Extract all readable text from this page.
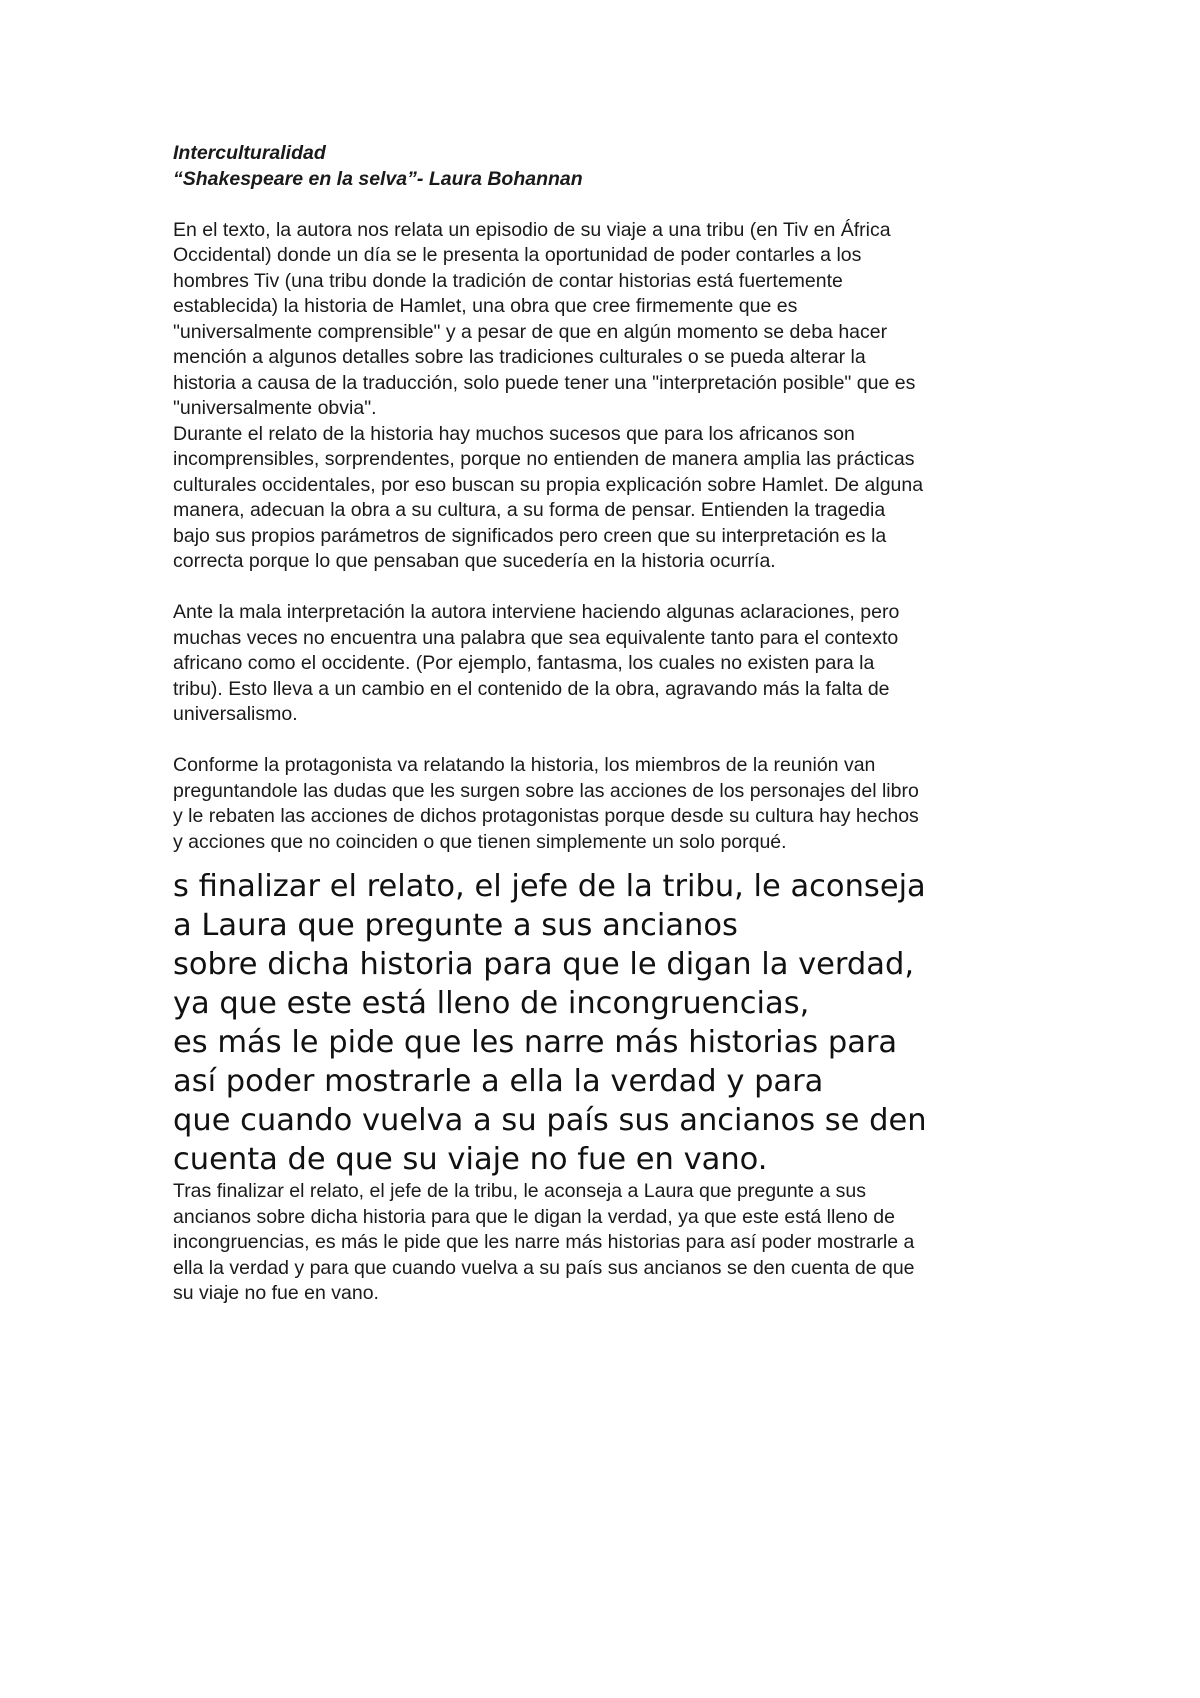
Interculturalidad

“Shakespeare en la selva”- Laura Bohannan

En el texto, la autora nos relata un episodio de su viaje a una tribu (en Tiv en África
Occidental) donde un día se le presenta la oportunidad de poder contarles a los
hombres Tiv (una tribu donde la tradición de contar historias está fuertemente
establecida) la historia de Hamlet, una obra que cree firmemente que es
"universalmente comprensible" y a pesar de que en algún momento se deba hacer
mención a algunos detalles sobre las tradiciones culturales o se pueda alterar la
historia a causa de la traducción, solo puede tener una "interpretación posible" que es
"universalmente obvia".
Durante el relato de la historia hay muchos sucesos que para los africanos son
incomprensibles, sorprendentes, porque no entienden de manera amplia las prácticas
culturales occidentales, por eso buscan su propia explicación sobre Hamlet. De alguna
manera, adecuan la obra a su cultura, a su forma de pensar. Entienden la tragedia
bajo sus propios parámetros de significados pero creen que su interpretación es la
correcta porque lo que pensaban que sucedería en la historia ocurría.

Ante la mala interpretación la autora interviene haciendo algunas aclaraciones, pero
muchas veces no encuentra una palabra que sea equivalente tanto para el contexto
africano como el occidente. (Por ejemplo, fantasma, los cuales no existen para la
tribu). Esto lleva a un cambio en el contenido de la obra, agravando más la falta de
universalismo.

Conforme la protagonista va relatando la historia, los miembros de la reunión van
preguntandole las dudas que les surgen sobre las acciones de los personajes del libro
y le rebaten las acciones de dichos protagonistas porque desde su cultura hay hechos
y acciones que no coinciden o que tienen simplemente un solo porqué.

s finalizar el relato, el jefe de la tribu, le aconseja
a Laura que pregunte a sus ancianos
sobre dicha historia para que le digan la verdad,
ya que este está lleno de incongruencias,
es más le pide que les narre más historias para
así poder mostrarle a ella la verdad y para
que cuando vuelva a su país sus ancianos se den
cuenta de que su viaje no fue en vano.

Tras finalizar el relato, el jefe de la tribu, le aconseja a Laura que pregunte a sus
ancianos sobre dicha historia para que le digan la verdad, ya que este está lleno de
incongruencias, es más le pide que les narre más historias para así poder mostrarle a
ella la verdad y para que cuando vuelva a su país sus ancianos se den cuenta de que
su viaje no fue en vano.
